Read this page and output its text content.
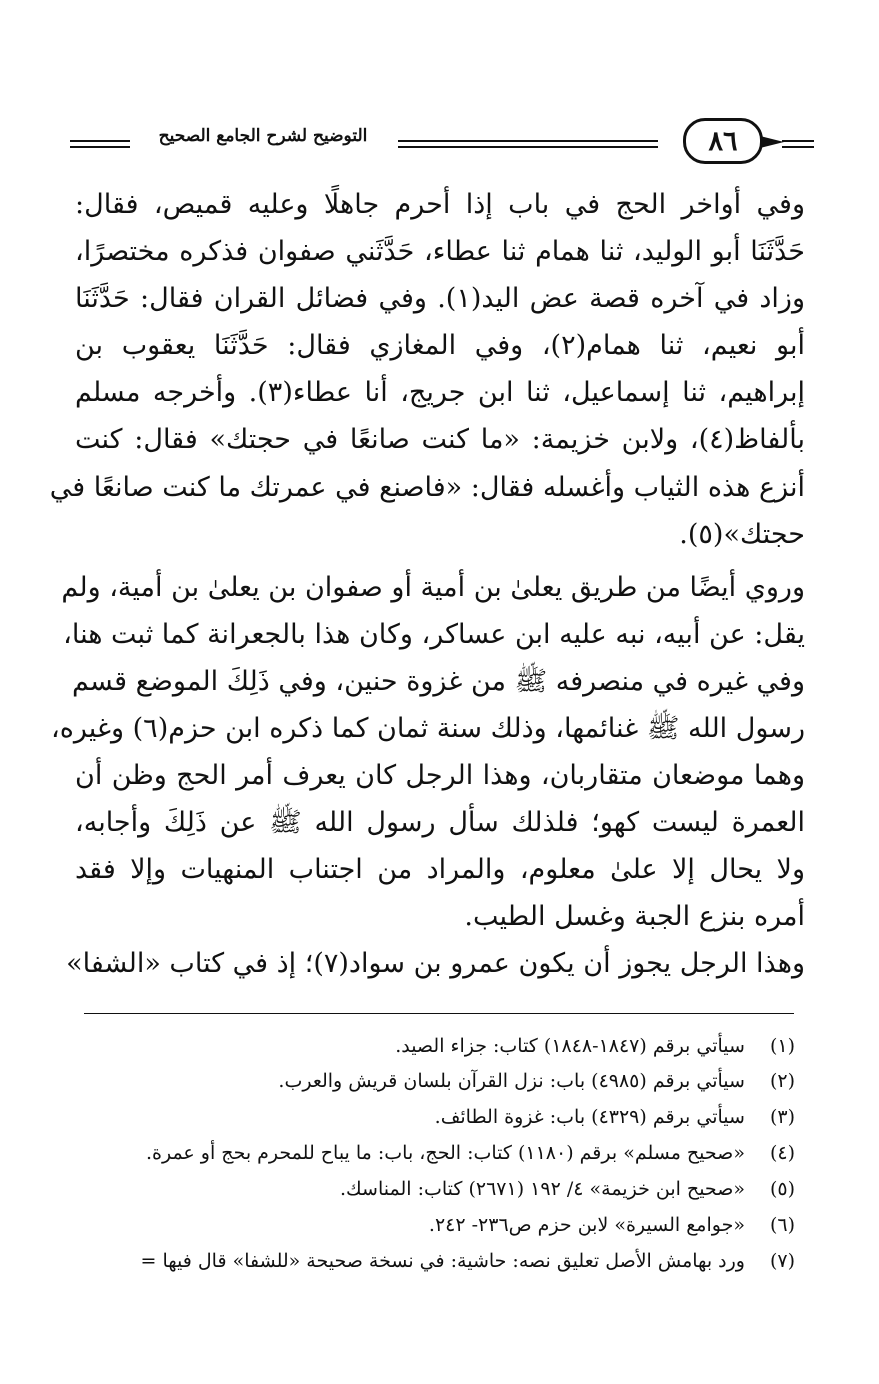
التوضيح لشرح الجامع الصحيح	٨٦
وفي أواخر الحج في باب إذا أحرم جاهلًا وعليه قميص، فقال:
حَدَّثَنَا أبو الوليد، ثنا همام ثنا عطاء، حَدَّثَني صفوان فذكره مختصرًا،
وزاد في آخره قصة عض اليد(١). وفي فضائل القران فقال: حَدَّثَنَا
أبو نعيم، ثنا همام(٢)، وفي المغازي فقال: حَدَّثَنَا يعقوب بن
إبراهيم، ثنا إسماعيل، ثنا ابن جريج، أنا عطاء(٣). وأخرجه مسلم
بألفاظ(٤)، ولابن خزيمة: «ما كنت صانعًا في حجتك» فقال: كنت
أنزع هذه الثياب وأغسله فقال: «فاصنع في عمرتك ما كنت صانعًا في
حجتك»(٥).
وروي أيضًا من طريق يعلىٰ بن أمية أو صفوان بن يعلىٰ بن أمية، ولم
يقل: عن أبيه، نبه عليه ابن عساكر، وكان هذا بالجعرانة كما ثبت هنا،
وفي غيره في منصرفه ﷺ من غزوة حنين، وفي ذَلِكَ الموضع قسم
رسول الله ﷺ غنائمها، وذلك سنة ثمان كما ذكره ابن حزم(٦) وغيره،
وهما موضعان متقاربان، وهذا الرجل كان يعرف أمر الحج وظن أن
العمرة ليست كهو؛ فلذلك سأل رسول الله ﷺ عن ذَلِكَ وأجابه،
ولا يحال إلا علىٰ معلوم، والمراد من اجتناب المنهيات وإلا فقد
أمره بنزع الجبة وغسل الطيب.
وهذا الرجل يجوز أن يكون عمرو بن سواد(٧)؛ إذ في كتاب «الشفا»
(١) سيأتي برقم (١٨٤٧-١٨٤٨) كتاب: جزاء الصيد.
(٢) سيأتي برقم (٤٩٨٥) باب: نزل القرآن بلسان قريش والعرب.
(٣) سيأتي برقم (٤٣٢٩) باب: غزوة الطائف.
(٤) «صحيح مسلم» برقم (١١٨٠) كتاب: الحج، باب: ما يباح للمحرم بحج أو عمرة.
(٥) «صحيح ابن خزيمة» ٤/ ١٩٢ (٢٦٧١) كتاب: المناسك.
(٦) «جوامع السيرة» لابن حزم ص٢٣٦- ٢٤٢.
(٧) ورد بهامش الأصل تعليق نصه: حاشية: في نسخة صحيحة «للشفا» قال فيها =
